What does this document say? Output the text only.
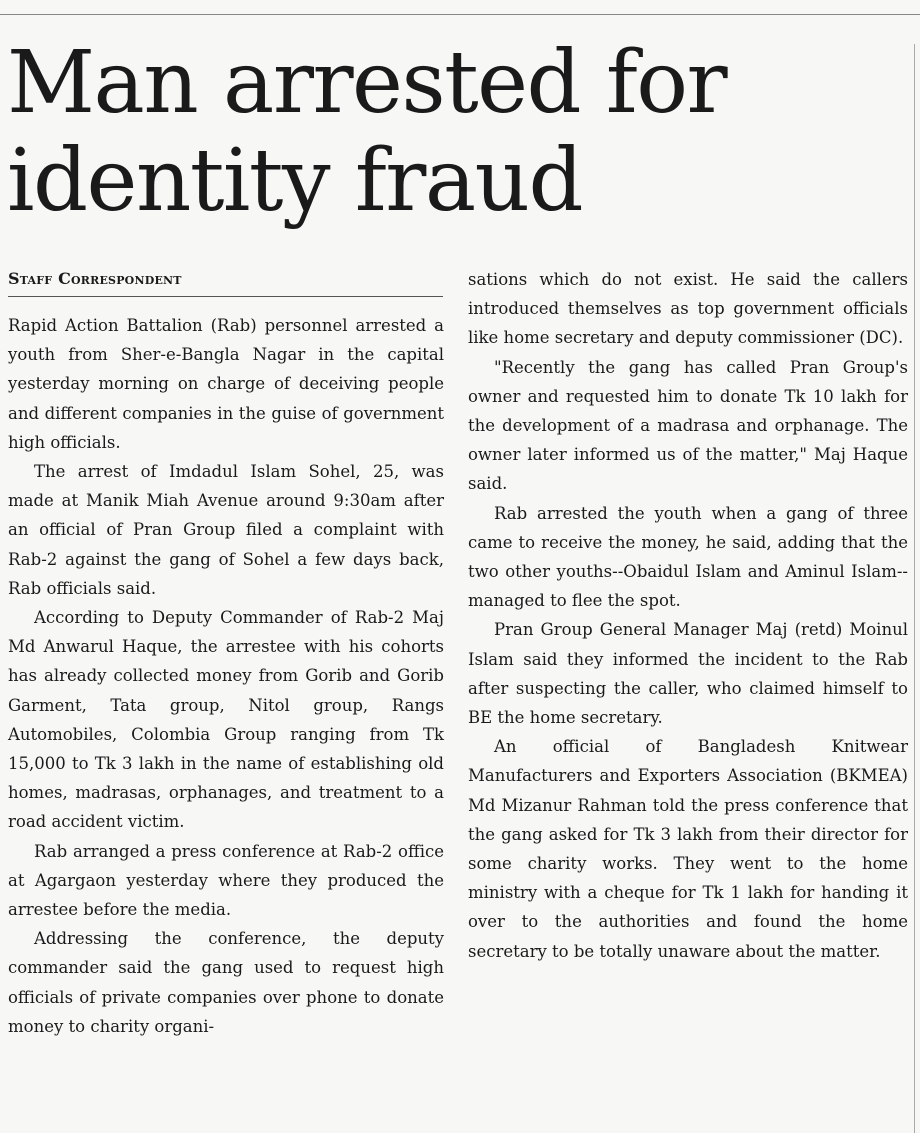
Man arrested for identity fraud
Staff Correspondent

Rapid Action Battalion (Rab) personnel arrested a youth from Sher-e-Bangla Nagar in the capital yesterday morning on charge of deceiving people and different companies in the guise of government high officials.

The arrest of Imdadul Islam Sohel, 25, was made at Manik Miah Avenue around 9:30am after an official of Pran Group filed a complaint with Rab-2 against the gang of Sohel a few days back, Rab officials said.

According to Deputy Commander of Rab-2 Maj Md Anwarul Haque, the arrestee with his cohorts has already collected money from Gorib and Gorib Garment, Tata group, Nitol group, Rangs Automobiles, Colombia Group ranging from Tk 15,000 to Tk 3 lakh in the name of establishing old homes, madrasas, orphanages, and treatment to a road accident victim.

Rab arranged a press conference at Rab-2 office at Agargaon yesterday where they produced the arrestee before the media.

Addressing the conference, the deputy commander said the gang used to request high officials of private companies over phone to donate money to charity organi-

sations which do not exist. He said the callers introduced themselves as top government officials like home secretary and deputy commissioner (DC).

"Recently the gang has called Pran Group's owner and requested him to donate Tk 10 lakh for the development of a madrasa and orphanage. The owner later informed us of the matter," Maj Haque said.

Rab arrested the youth when a gang of three came to receive the money, he said, adding that the two other youths--Obaidul Islam and Aminul Islam--managed to flee the spot.

Pran Group General Manager Maj (retd) Moinul Islam said they informed the incident to the Rab after suspecting the caller, who claimed himself to BE the home secretary.

An official of Bangladesh Knitwear Manufacturers and Exporters Association (BKMEA) Md Mizanur Rahman told the press conference that the gang asked for Tk 3 lakh from their director for some charity works. They went to the home ministry with a cheque for Tk 1 lakh for handing it over to the authorities and found the home secretary to be totally unaware about the matter.
